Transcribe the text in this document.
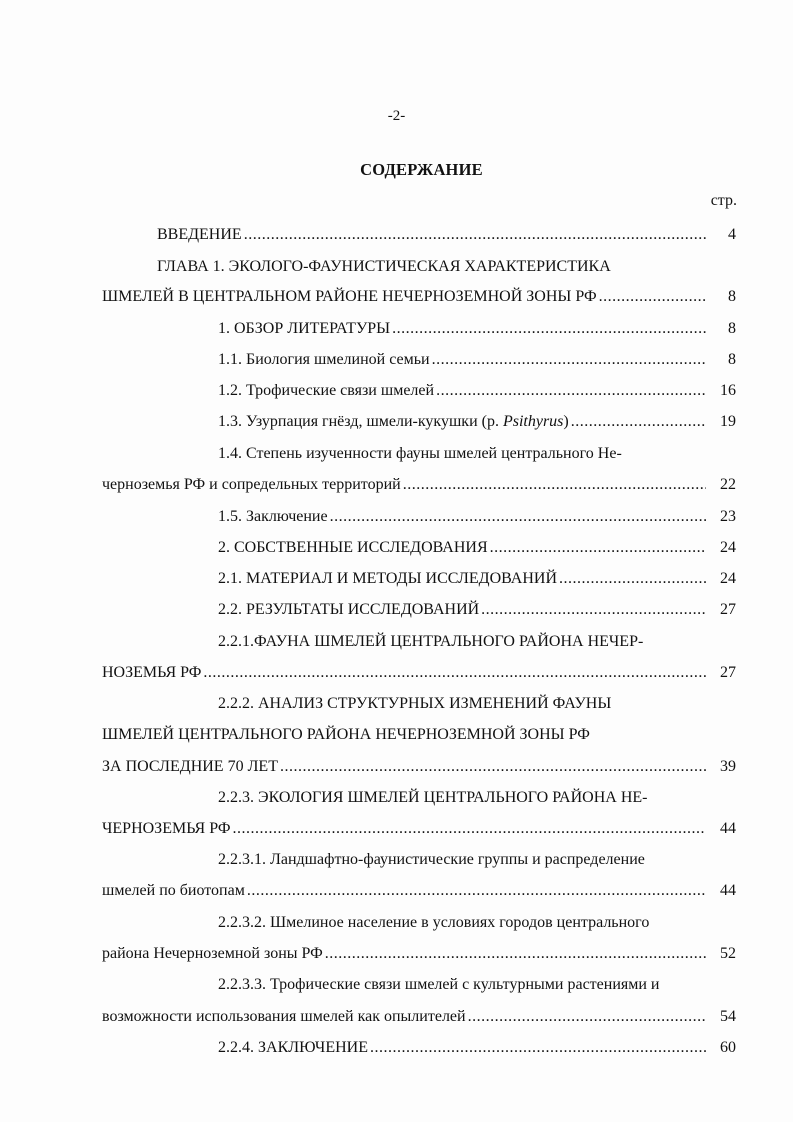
-2-
СОДЕРЖАНИЕ
стр.
ВВЕДЕНИЕ .....	4
ГЛАВА 1. ЭКОЛОГО-ФАУНИСТИЧЕСКАЯ ХАРАКТЕРИСТИКА
ШМЕЛЕЙ В ЦЕНТРАЛЬНОМ РАЙОНЕ НЕЧЕРНОЗЕМНОЙ ЗОНЫ РФ .....	8
1. ОБЗОР ЛИТЕРАТУРЫ .....	8
1.1. Биология шмелиной семьи .....	8
1.2. Трофические связи шмелей .....	16
1.3. Узурпация гнёзд, шмели-кукушки (р. Psithyrus) .....	19
1.4. Степень изученности фауны шмелей центрального Не-
черноземья РФ и сопредельных территорий .....	22
1.5. Заключение .....	23
2. СОБСТВЕННЫЕ ИССЛЕДОВАНИЯ .....	24
2.1. МАТЕРИАЛ И МЕТОДЫ ИССЛЕДОВАНИЙ .....	24
2.2. РЕЗУЛЬТАТЫ ИССЛЕДОВАНИЙ .....	27
2.2.1.ФАУНА ШМЕЛЕЙ ЦЕНТРАЛЬНОГО РАЙОНА НЕЧЕР-
НОЗЕМЬЯ РФ .....	27
2.2.2. АНАЛИЗ СТРУКТУРНЫХ ИЗМЕНЕНИЙ ФАУНЫ
ШМЕЛЕЙ ЦЕНТРАЛЬНОГО РАЙОНА НЕЧЕРНОЗЕМНОЙ ЗОНЫ РФ
ЗА ПОСЛЕДНИЕ 70 ЛЕТ .....	39
2.2.3. ЭКОЛОГИЯ ШМЕЛЕЙ ЦЕНТРАЛЬНОГО РАЙОНА НЕ-
ЧЕРНОЗЕМЬЯ РФ .....	44
2.2.3.1. Ландшафтно-фаунистические группы и распределение
шмелей по биотопам .....	44
2.2.3.2. Шмелиное население в условиях городов центрального
района Нечерноземной зоны РФ .....	52
2.2.3.3. Трофические связи шмелей с культурными растениями и
возможности использования шмелей как опылителей .....	54
2.2.4. ЗАКЛЮЧЕНИЕ .....	60
